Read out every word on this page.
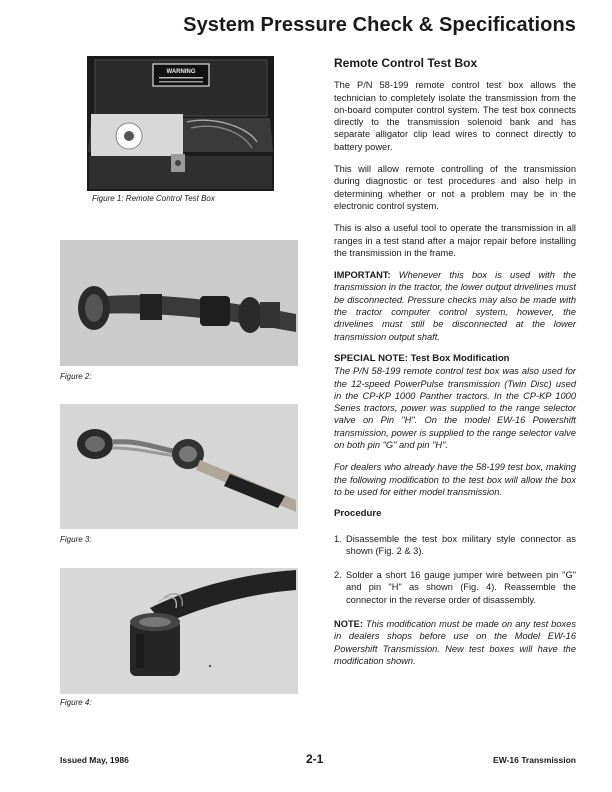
System Pressure Check & Specifications
WARNING
Figure 1: Remote Control Test Box
Figure 2:
Figure 3:
Figure 4:
Remote Control Test Box

The P/N 58-199 remote control test box allows the technician to completely isolate the transmission from the on-board computer control system. The test box connects directly to the transmission solenoid bank and has separate alligator clip lead wires to connect directly to battery power.

This will allow remote controlling of the transmission during diagnostic or test procedures and also help in determining whether or not a problem may be in the electronic control system.

This is also a useful tool to operate the transmission in all ranges in a test stand after a major repair before installing the transmission in the frame.

IMPORTANT: Whenever this box is used with the transmission in the tractor, the lower output drivelines must be disconnected. Pressure checks may also be made with the tractor computer control system, however, the drivelines must still be disconnected at the lower transmission output shaft.

SPECIAL NOTE: Test Box Modification

The P/N 58-199 remote control test box was also used for the 12-speed PowerPulse transmission (Twin Disc) used in the CP-KP 1000 Panther tractors. In the CP-KP 1000 Series tractors, power was supplied to the range selector valve on Pin "H". On the model EW-16 Powershift transmission, power is supplied to the range selector valve on both pin "G" and pin "H".

For dealers who already have the 58-199 test box, making the following modification to the test box will allow the box to be used for either model transmission.

Procedure
1. Disassemble the test box military style connector as shown (Fig. 2 & 3).
2. Solder a short 16 gauge jumper wire between pin "G" and pin "H" as shown (Fig. 4). Reassemble the connector in the reverse order of disassembly.

NOTE: This modification must be made on any test boxes in dealers shops before use on the Model EW-16 Powershift Transmission. New test boxes will have the modification shown.

Issued May, 1986	2-1	EW-16 Transmission
